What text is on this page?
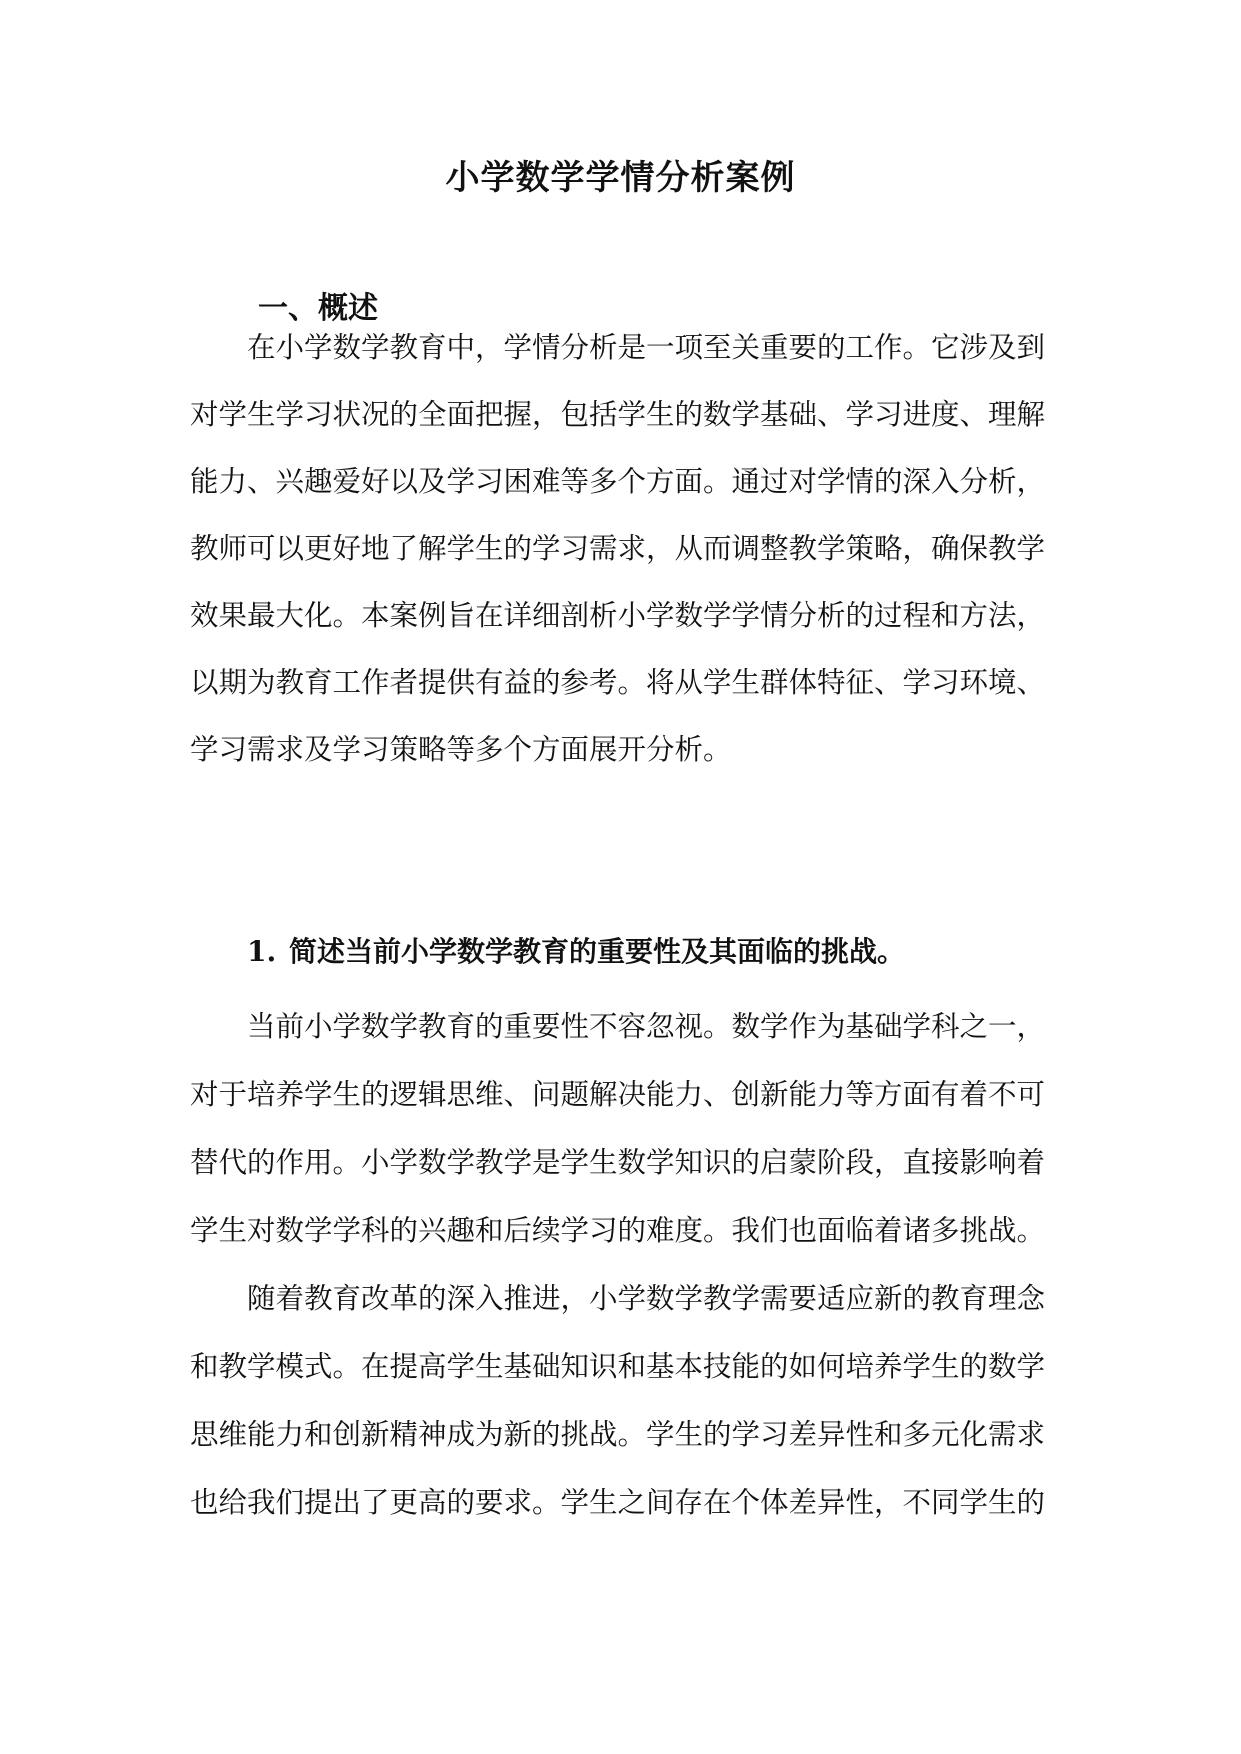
小学数学学情分析案例
一、概述
在小学数学教育中，学情分析是一项至关重要的工作。它涉及到
对学生学习状况的全面把握，包括学生的数学基础、学习进度、理解
能力、兴趣爱好以及学习困难等多个方面。通过对学情的深入分析，
教师可以更好地了解学生的学习需求，从而调整教学策略，确保教学
效果最大化。本案例旨在详细剖析小学数学学情分析的过程和方法，
以期为教育工作者提供有益的参考。将从学生群体特征、学习环境、
学习需求及学习策略等多个方面展开分析。
1. 简述当前小学数学教育的重要性及其面临的挑战。
当前小学数学教育的重要性不容忽视。数学作为基础学科之一，
对于培养学生的逻辑思维、问题解决能力、创新能力等方面有着不可
替代的作用。小学数学教学是学生数学知识的启蒙阶段，直接影响着
学生对数学学科的兴趣和后续学习的难度。我们也面临着诸多挑战。
随着教育改革的深入推进，小学数学教学需要适应新的教育理念
和教学模式。在提高学生基础知识和基本技能的如何培养学生的数学
思维能力和创新精神成为新的挑战。学生的学习差异性和多元化需求
也给我们提出了更高的要求。学生之间存在个体差异性，不同学生的
